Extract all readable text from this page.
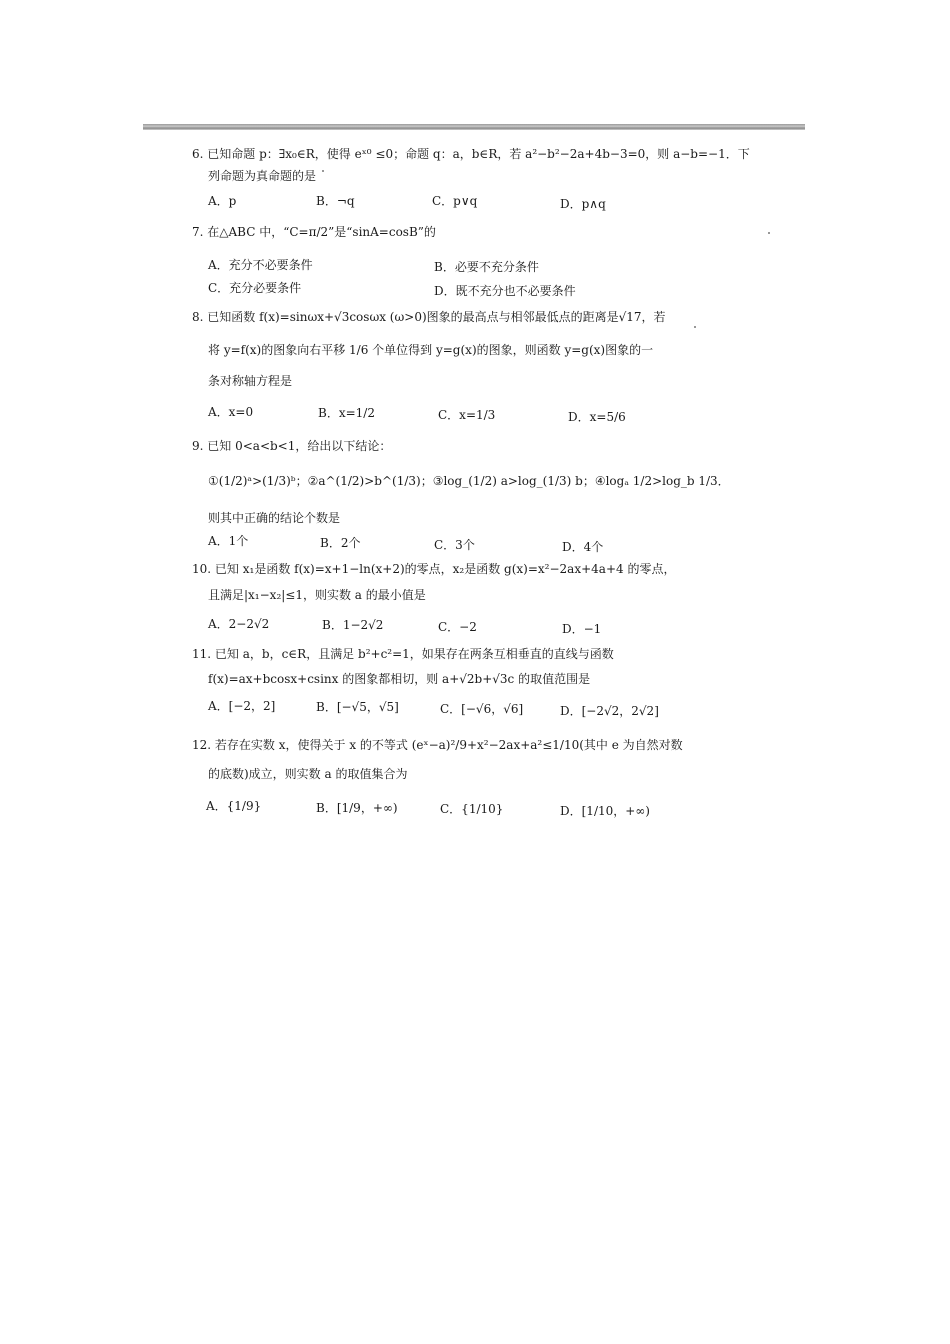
6. 已知命题 p：∃x₀∈R，使得 eˣ⁰ ≤0；命题 q：a，b∈R，若 a²−b²−2a+4b−3=0，则 a−b=−1．下
列命题为真命题的是
A．p	B．¬q	C．p∨q	D．p∧q
7. 在△ABC 中，“C=π/2”是“sinA=cosB”的
A．充分不必要条件	B．必要不充分条件
C．充分必要条件	D．既不充分也不必要条件
8. 已知函数 f(x)=sinωx+√3cosωx (ω>0)图象的最高点与相邻最低点的距离是√17，若
将 y=f(x)的图象向右平移 1/6 个单位得到 y=g(x)的图象，则函数 y=g(x)图象的一
条对称轴方程是
A．x=0	B．x=1/2	C．x=1/3	D．x=5/6
9. 已知 0<a<b<1，给出以下结论：
①(1/2)ᵃ>(1/3)ᵇ；②a^(1/2)>b^(1/3)；③log_(1/2) a>log_(1/3) b；④logₐ 1/2>log_b 1/3．
则其中正确的结论个数是
A．1个	B．2个	C．3个	D．4个
10. 已知 x₁是函数 f(x)=x+1−ln(x+2)的零点，x₂是函数 g(x)=x²−2ax+4a+4 的零点，
且满足|x₁−x₂|≤1，则实数 a 的最小值是
A．2−2√2	B．1−2√2	C．−2	D．−1
11. 已知 a，b，c∈R，且满足 b²+c²=1，如果存在两条互相垂直的直线与函数
f(x)=ax+bcosx+csinx 的图象都相切，则 a+√2b+√3c 的取值范围是
A．[−2，2]	B．[−√5，√5]	C．[−√6，√6]	D．[−2√2，2√2]
12. 若存在实数 x，使得关于 x 的不等式 (eˣ−a)²/9+x²−2ax+a²≤1/10(其中 e 为自然对数
的底数)成立，则实数 a 的取值集合为
A．{1/9}	B．[1/9，+∞)	C．{1/10}	D．[1/10，+∞)
